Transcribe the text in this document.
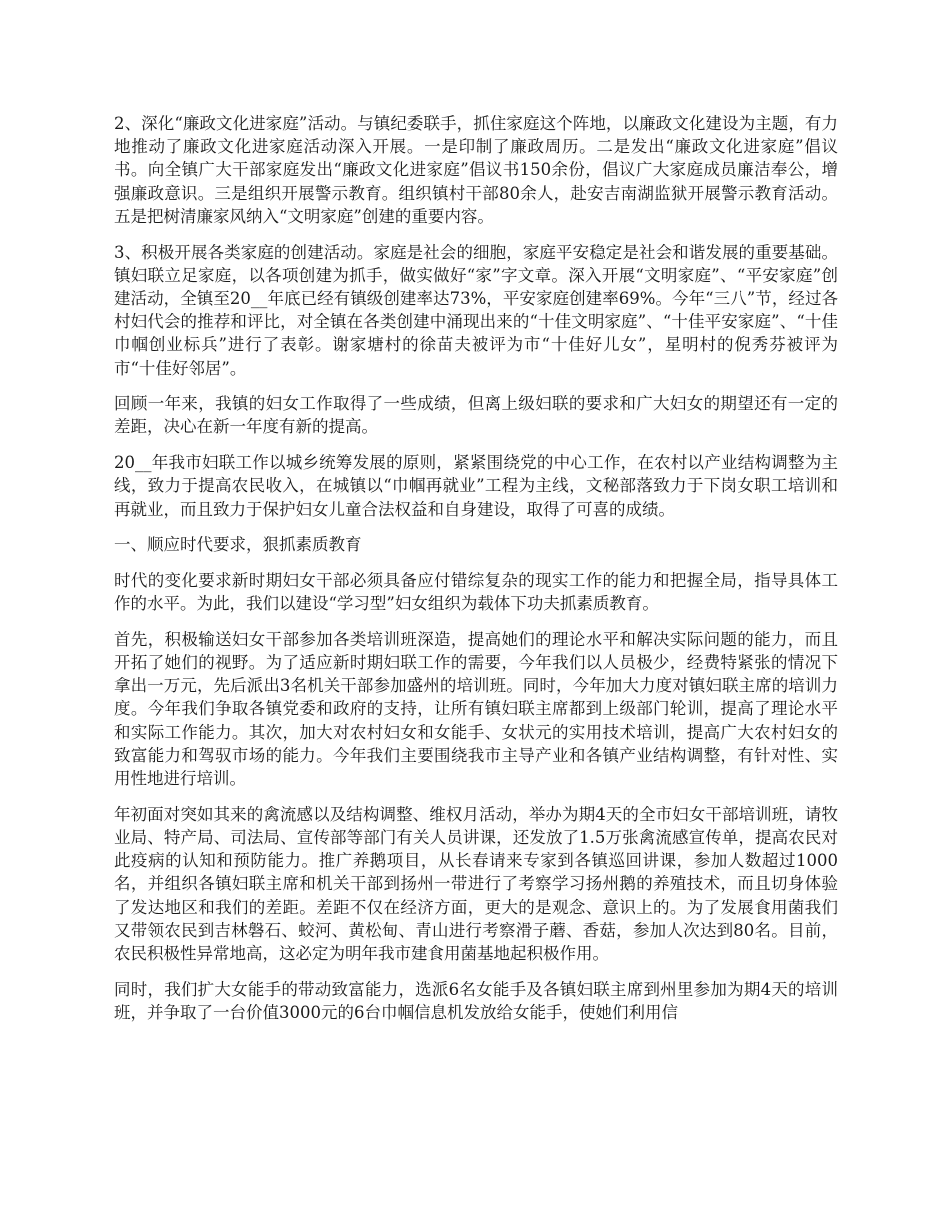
2、深化“廉政文化进家庭”活动。与镇纪委联手，抓住家庭这个阵地，以廉政文化建设为主题，有力地推动了廉政文化进家庭活动深入开展。一是印制了廉政周历。二是发出“廉政文化进家庭”倡议书。向全镇广大干部家庭发出“廉政文化进家庭”倡议书150余份，倡议广大家庭成员廉洁奉公，增强廉政意识。三是组织开展警示教育。组织镇村干部80余人，赴安吉南湖监狱开展警示教育活动。五是把树清廉家风纳入“文明家庭”创建的重要内容。

3、积极开展各类家庭的创建活动。家庭是社会的细胞，家庭平安稳定是社会和谐发展的重要基础。镇妇联立足家庭，以各项创建为抓手，做实做好“家”字文章。深入开展“文明家庭”、“平安家庭”创建活动，全镇至20__年底已经有镇级创建率达73%，平安家庭创建率69%。今年“三八”节，经过各村妇代会的推荐和评比，对全镇在各类创建中涌现出来的“十佳文明家庭”、“十佳平安家庭”、“十佳巾帼创业标兵”进行了表彰。谢家塘村的徐苗夫被评为市“十佳好儿女”，星明村的倪秀芬被评为市“十佳好邻居”。

回顾一年来，我镇的妇女工作取得了一些成绩，但离上级妇联的要求和广大妇女的期望还有一定的差距，决心在新一年度有新的提高。

20__年我市妇联工作以城乡统筹发展的原则，紧紧围绕党的中心工作，在农村以产业结构调整为主线，致力于提高农民收入，在城镇以“巾帼再就业”工程为主线，文秘部落致力于下岗女职工培训和再就业，而且致力于保护妇女儿童合法权益和自身建设，取得了可喜的成绩。

一、顺应时代要求，狠抓素质教育

时代的变化要求新时期妇女干部必须具备应付错综复杂的现实工作的能力和把握全局，指导具体工作的水平。为此，我们以建设“学习型”妇女组织为载体下功夫抓素质教育。

首先，积极输送妇女干部参加各类培训班深造，提高她们的理论水平和解决实际问题的能力，而且开拓了她们的视野。为了适应新时期妇联工作的需要，今年我们以人员极少，经费特紧张的情况下拿出一万元，先后派出3名机关干部参加盛州的培训班。同时，今年加大力度对镇妇联主席的培训力度。今年我们争取各镇党委和政府的支持，让所有镇妇联主席都到上级部门轮训，提高了理论水平和实际工作能力。其次，加大对农村妇女和女能手、女状元的实用技术培训，提高广大农村妇女的致富能力和驾驭市场的能力。今年我们主要围绕我市主导产业和各镇产业结构调整，有针对性、实用性地进行培训。

年初面对突如其来的禽流感以及结构调整、维权月活动，举办为期4天的全市妇女干部培训班，请牧业局、特产局、司法局、宣传部等部门有关人员讲课，还发放了1.5万张禽流感宣传单，提高农民对此疫病的认知和预防能力。推广养鹅项目，从长春请来专家到各镇巡回讲课，参加人数超过1000名，并组织各镇妇联主席和机关干部到扬州一带进行了考察学习扬州鹅的养殖技术，而且切身体验了发达地区和我们的差距。差距不仅在经济方面，更大的是观念、意识上的。为了发展食用菌我们又带领农民到吉林磐石、蛟河、黄松甸、青山进行考察滑子蘑、香菇，参加人次达到80名。目前，农民积极性异常地高，这必定为明年我市建食用菌基地起积极作用。

同时，我们扩大女能手的带动致富能力，选派6名女能手及各镇妇联主席到州里参加为期4天的培训班，并争取了一台价值3000元的6台巾帼信息机发放给女能手，使她们利用信
